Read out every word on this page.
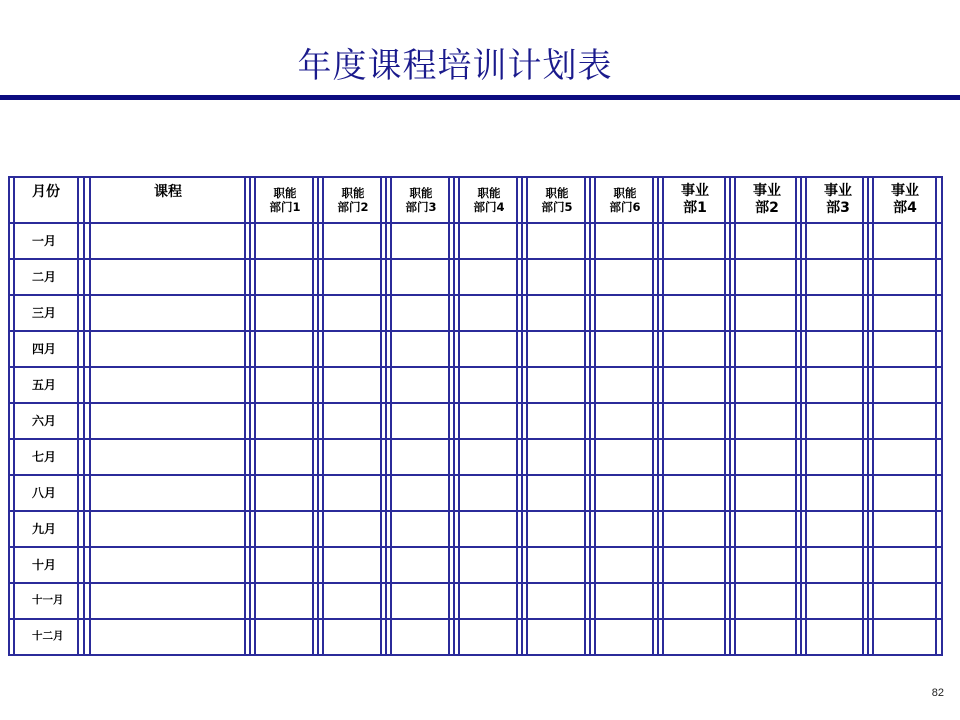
年度课程培训计划表
月份	课程	职能
部门1
职能
部门2
职能
部门3
职能
部门4
职能
部门5
职能
部门6
事业
部1
事业
部2
事业
部3
事业
部4
一月
二月
三月
四月
五月
六月
七月
八月
九月
十月
十一月
十二月
82
